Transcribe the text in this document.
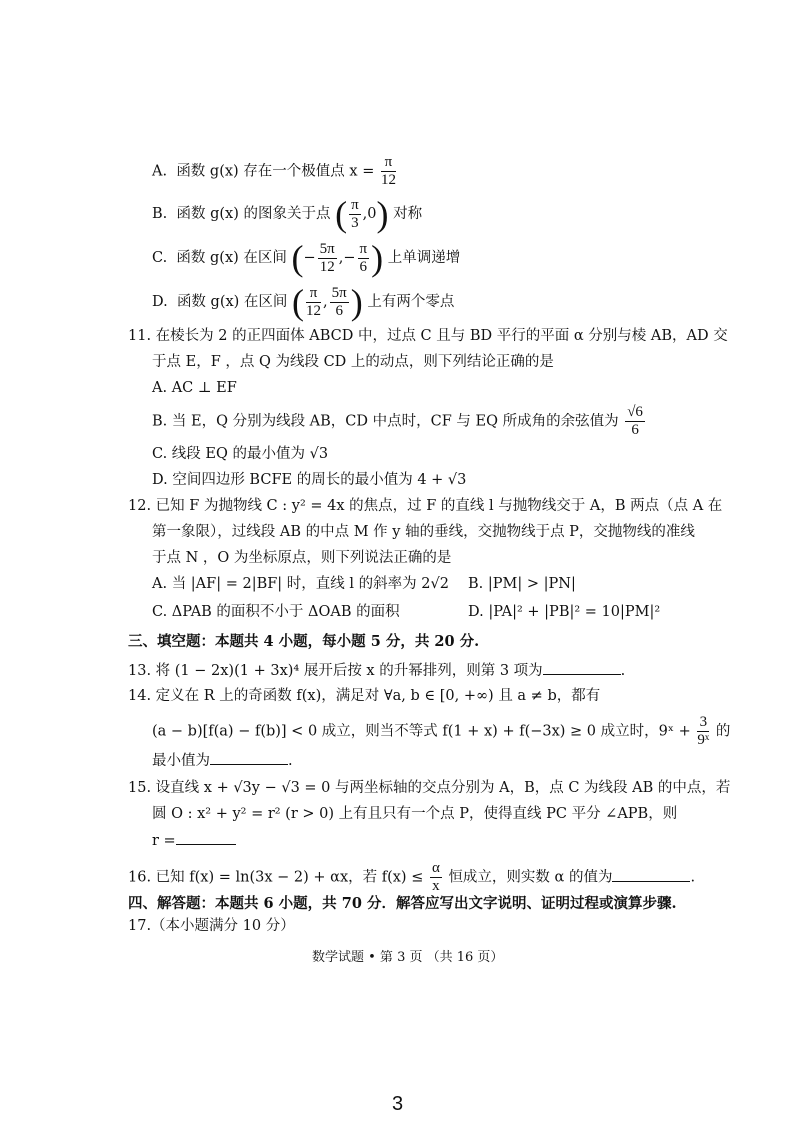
A. 函数 g(x) 存在一个极值点 $x = \frac{\pi}{12}$
B. 函数 g(x) 的图象关于点 ( $\frac{\pi}{3} ,0$) 对称
C. 函数 g(x) 在区间 (− $\frac{5\pi}{12}$ ,− $\frac{\pi}{6}$ ) 上单调递增
D. 函数 g(x) 在区间 ( $\frac{\pi}{12}$ , $\frac{5\pi}{6}$ ) 上有两个零点
11. 在棱长为 2 的正四面体 ABCD 中，过点 C 且与 BD 平行的平面 α 分别与棱 AB，AD 交
于点 E，F ，点 Q 为线段 CD 上的动点，则下列结论正确的是
A. AC ⊥ EF
B. 当 E，Q 分别为线段 AB，CD 中点时，CF 与 EQ 所成角的余弦值为 $\frac{√6}{6}$
C. 线段 EQ 的最小值为 √3
D. 空间四边形 BCFE 的周长的最小值为 4 + √3
12. 已知 F 为抛物线 C : y² = 4x 的焦点，过 F 的直线 l 与抛物线交于 A，B 两点（点 A 在
第一象限），过线段 AB 的中点 M 作 y 轴的垂线，交抛物线于点 P，交抛物线的准线
于点 N ，O 为坐标原点，则下列说法正确的是
A. 当 |AF| = 2|BF| 时，直线 l 的斜率为 2√2 B. |PM| > |PN|
C. ΔPAB 的面积不小于 ΔOAB 的面积	D. |PA|² + |PB|² = 10|PM|²
三、填空题：本题共 4 小题，每小题 5 分，共 20 分.
13. 将 (1 − 2x)(1 + 3x)⁴ 展开后按 x 的升幂排列，则第 3 项为	.
14. 定义在 R 上的奇函数 f(x)，满足对 ∀a, b ∈ [0, +∞) 且 a ≠ b，都有
(a − b)[f(a) − f(b)] < 0 成立，则当不等式 f(1 + x) + f(−3x) ≥ 0 成立时，9ˣ + $\frac{3}{\text{9ˣ}}$ 的
最小值为	.
15. 设直线 x + √3y − √3 = 0 与两坐标轴的交点分别为 A，B，点 C 为线段 AB 的中点，若
圆 O : x² + y² = r² (r > 0) 上有且只有一个点 P，使得直线 PC 平分 ∠APB，则
r =
16. 已知 f(x) = ln(3x − 2) + αx，若 $f(x) \le \frac{\alpha}{x}$ 恒成立，则实数 α 的值为	.
四、解答题：本题共 6 小题，共 70 分．解答应写出文字说明、证明过程或演算步骤.
17.（本小题满分 10 分）
数学试题 • 第 3 页 （共 16 页）
3
